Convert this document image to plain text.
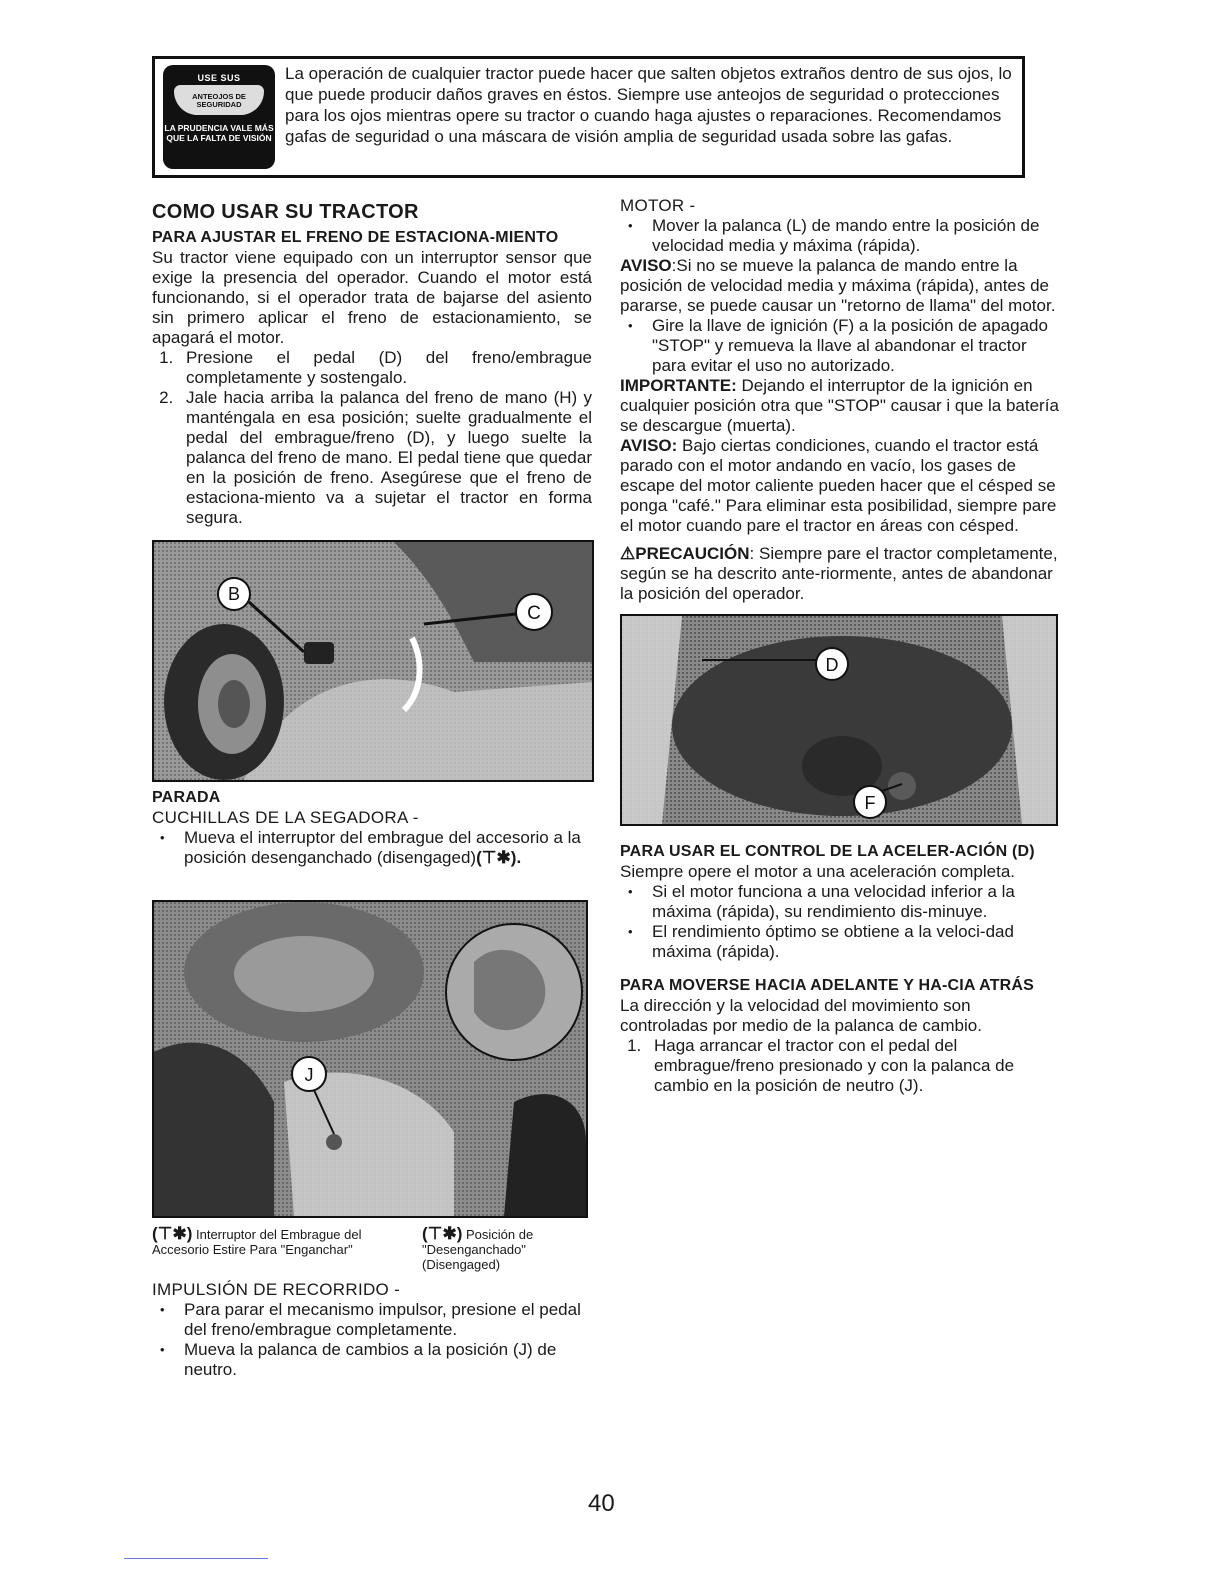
USE SUS
ANTEOJOS DE SEGURIDAD
LA PRUDENCIA VALE MÁS QUE LA FALTA DE VISIÓN

La operación de cualquier tractor puede hacer que salten objetos extraños dentro de sus ojos, lo que puede producir daños graves en éstos. Siempre use anteojos de seguridad o protecciones para los ojos mientras opere su tractor o cuando haga ajustes o reparaciones. Recomendamos gafas de seguridad o una máscara de visión amplia de seguridad usada sobre las gafas.

COMO USAR SU TRACTOR
PARA AJUSTAR EL FRENO DE ESTACIONA-MIENTO

Su tractor viene equipado con un interruptor sensor que exige la presencia del operador. Cuando el motor está funcionando, si el operador trata de bajarse del asiento sin primero aplicar el freno de estacionamiento, se apagará el motor.

1. Presione el pedal (D) del freno/embrague completamente y sostengalo.
2. Jale hacia arriba la palanca del freno de mano (H) y manténgala en esa posición; suelte gradualmente el pedal del embrague/freno (D), y luego suelte la palanca del freno de mano. El pedal tiene que quedar en la posición de freno. Asegúrese que el freno de estaciona-miento va a sujetar el tractor en forma segura.
B
C
PARADA

CUCHILLAS DE LA SEGADORA -

• Mueva el interruptor del embrague del accesorio a la posición desenganchado (disengaged)(⊤✱).
J
(⊤✱) Interruptor del Embrague del Accesorio Estire Para "Enganchar"
(⊤✱) Posición de "Desenganchado" (Disengaged)

IMPULSIÓN DE RECORRIDO -

• Para parar el mecanismo impulsor, presione el pedal del freno/embrague completamente.
• Mueva la palanca de cambios a la posición (J) de neutro.

MOTOR -

• Mover la palanca (L) de mando entre la posición de velocidad media y máxima (rápida).

AVISO:Si no se mueve la palanca de mando entre la posición de velocidad media y máxima (rápida), antes de pararse, se puede causar un "retorno de llama" del motor.

• Gire la llave de ignición (F) a la posición de apagado "STOP" y remueva la llave al abandonar el tractor para evitar el uso no autorizado.

IMPORTANTE: Dejando el interruptor de la ignición en cualquier posición otra que "STOP" causar i que la batería se descargue (muerta).

AVISO: Bajo ciertas condiciones, cuando el tractor está parado con el motor andando en vacío, los gases de escape del motor caliente pueden hacer que el césped se ponga "café." Para eliminar esta posibilidad, siempre pare el motor cuando pare el tractor en áreas con césped.

⚠PRECAUCIÓN: Siempre pare el tractor completamente, según se ha descrito ante-riormente, antes de abandonar la posición del operador.

D
F
PARA USAR EL CONTROL DE LA ACELER-ACIÓN (D)

Siempre opere el motor a una aceleración completa.

• Si el motor funciona a una velocidad inferior a la máxima (rápida), su rendimiento dis-minuye.
• El rendimiento óptimo se obtiene a la veloci-dad máxima (rápida).
PARA MOVERSE HACIA ADELANTE Y HA-CIA ATRÁS

La dirección y la velocidad del movimiento son controladas por medio de la palanca de cambio.

1. Haga arrancar el tractor con el pedal del embrague/freno presionado y con la palanca de cambio en la posición de neutro (J).
40
